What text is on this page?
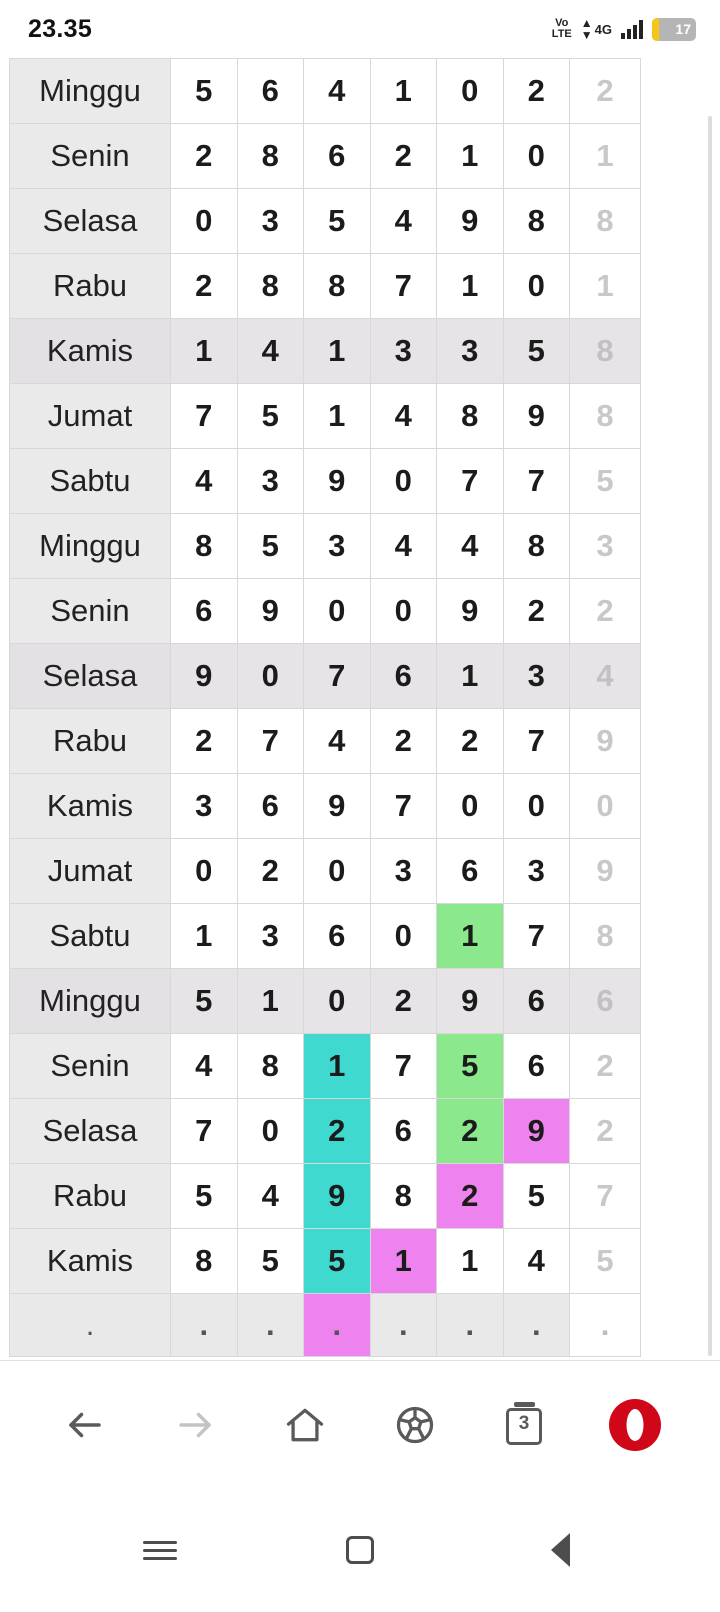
23.35	Vo
LTE
▲
▼ 4G	17
Minggu	5	6	4	1	0	2	2
Senin	2	8	6	2	1	0	1
Selasa	0	3	5	4	9	8	8
Rabu	2	8	8	7	1	0	1
Kamis	1	4	1	3	3	5	8
Jumat	7	5	1	4	8	9	8
Sabtu	4	3	9	0	7	7	5
Minggu	8	5	3	4	4	8	3
Senin	6	9	0	0	9	2	2
Selasa	9	0	7	6	1	3	4
Rabu	2	7	4	2	2	7	9
Kamis	3	6	9	7	0	0	0
Jumat	0	2	0	3	6	3	9
Sabtu	1	3	6	0	1	7	8
Minggu	5	1	0	2	9	6	6
Senin	4	8	1	7	5	6	2
Selasa	7	0	2	6	2	9	2
Rabu	5	4	9	8	2	5	7
Kamis	8	5	5	1	1	4	5
.	.	.	.	.	.	.	.
3
